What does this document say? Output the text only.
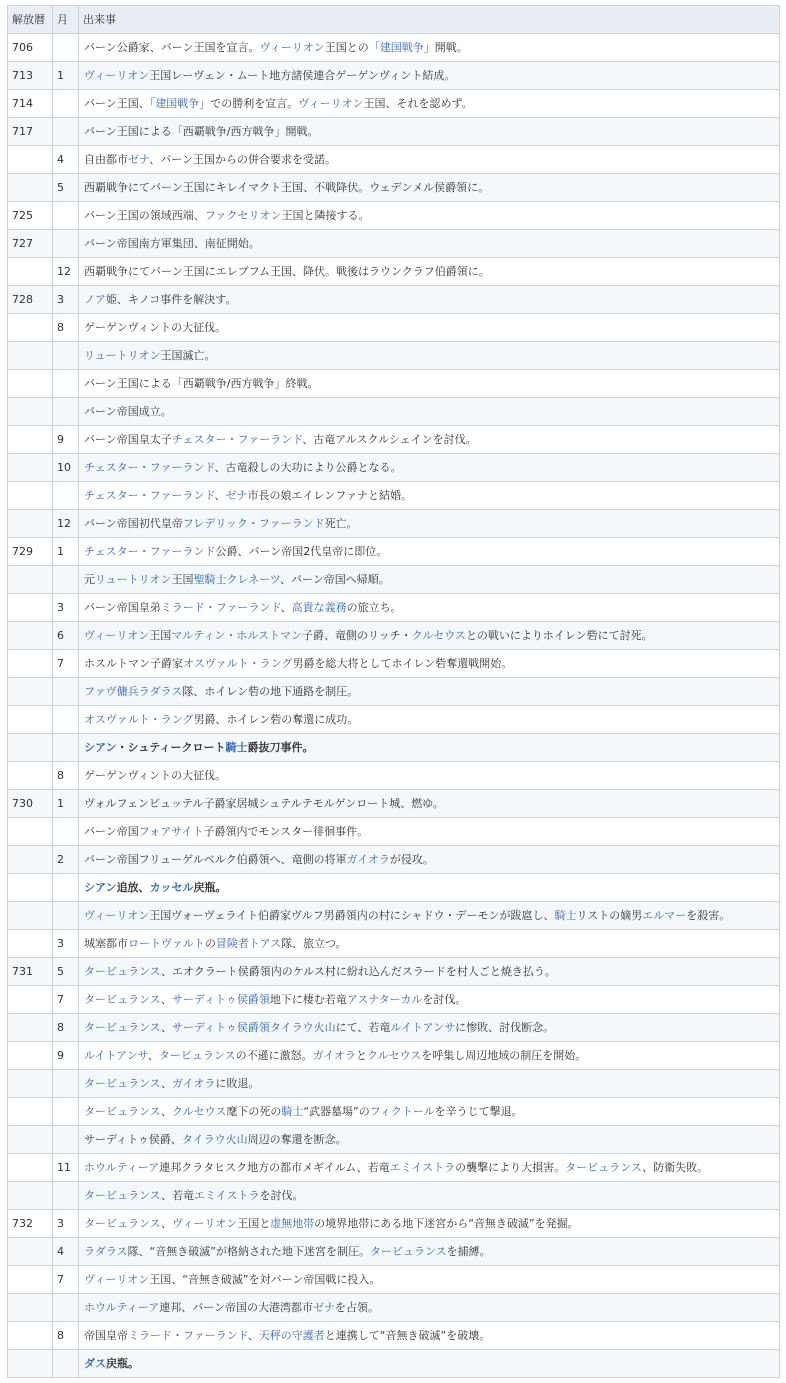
解放暦	月	出来事
706		バーン公爵家、バーン王国を宣言。ヴィーリオン王国との「建国戦争」開戦。
713	1	ヴィーリオン王国レーヴェン・ムート地方諸侯連合ゲーゲンヴィント結成。
714		バーン王国、「建国戦争」での勝利を宣言。ヴィーリオン王国、それを認めず。
717		バーン王国による「西覇戦争/西方戦争」開戦。
	4	自由都市ゼナ、バーン王国からの併合要求を受諾。
	5	西覇戦争にてバーン王国にキレイマクト王国、不戦降伏。ウェデンメル侯爵領に。
725		バーン王国の領域西端、ファクセリオン王国と隣接する。
727		バーン帝国南方軍集団、南征開始。
	12	西覇戦争にてバーン王国にエレブフム王国、降伏。戦後はラウンクラフ伯爵領に。
728	3	ノア姫、キノコ事件を解決す。
	8	ゲーゲンヴィントの大征伐。
		リュートリオン王国滅亡。
		バーン王国による「西覇戦争/西方戦争」終戦。
		バーン帝国成立。
	9	バーン帝国皇太子チェスター・ファーランド、古竜アルスクルシェインを討伐。
	10	チェスター・ファーランド、古竜殺しの大功により公爵となる。
		チェスター・ファーランド、ゼナ市長の娘エイレンファナと結婚。
	12	バーン帝国初代皇帝フレデリック・ファーランド死亡。
729	1	チェスター・ファーランド公爵、バーン帝国2代皇帝に即位。
		元リュートリオン王国聖騎士クレネーツ、バーン帝国へ帰順。
	3	バーン帝国皇弟ミラード・ファーランド、高貴な義務の旅立ち。
	6	ヴィーリオン王国マルティン・ホルストマン子爵、竜側のリッチ・クルセウスとの戦いによりホイレン砦にて討死。
	7	ホスルトマン子爵家オスヴァルト・ラング男爵を総大将としてホイレン砦奪還戦開始。
		ファヴ傭兵ラダラス隊、ホイレン砦の地下通路を制圧。
		オスヴァルト・ラング男爵、ホイレン砦の奪還に成功。
		シアン・シュティークロート騎士爵抜刀事件。
	8	ゲーゲンヴィントの大征伐。
730	1	ヴォルフェンビュッテル子爵家居城シュテルテモルゲンロート城、燃ゆ。
		バーン帝国フォアサイト子爵領内でモンスター徘徊事件。
	2	バーン帝国フリューゲルベルク伯爵領へ、竜側の将軍ガイオラが侵攻。
		シアン追放、カッセル戻瓶。
		ヴィーリオン王国ヴォーヴェライト伯爵家ヴルフ男爵領内の村にシャドウ・デーモンが跋扈し、騎士リストの嫡男エルマーを殺害。
	3	城塞都市ロートヴァルトの冒険者トアス隊、旅立つ。
731	5	タービュランス、エオクラート侯爵領内のケルス村に紛れ込んだスラードを村人ごと焼き払う。
	7	タービュランス、サーディトゥ侯爵領地下に棲む若竜アスナターカルを討伐。
	8	タービュランス、サーディトゥ侯爵領タイラウ火山にて、若竜ルイトアンサに惨敗、討伐断念。
	9	ルイトアンサ、タービュランスの不遜に激怒。ガイオラとクルセウスを呼集し周辺地域の制圧を開始。
		タービュランス、ガイオラに敗退。
		タービュランス、クルセウス麾下の死の騎士“武器墓場”のフィクトールを辛うじて撃退。
		サーディトゥ侯爵、タイラウ火山周辺の奪還を断念。
	11	ホウルティーア連邦クラタヒスク地方の都市メギイルム、若竜エミイストラの襲撃により大損害。タービュランス、防衛失敗。
		タービュランス、若竜エミイストラを討伐。
732	3	タービュランス、ヴィーリオン王国と虚無地帯の境界地帯にある地下迷宮から“音無き破滅”を発掘。
	4	ラダラス隊、“音無き破滅”が格納された地下迷宮を制圧。タービュランスを捕縛。
	7	ヴィーリオン王国、“音無き破滅”を対バーン帝国戦に投入。
		ホウルティーア連邦、バーン帝国の大港湾都市ゼナを占領。
	8	帝国皇帝ミラード・ファーランド、天秤の守護者と連携して“音無き破滅”を破壊。
		ダス戻瓶。
